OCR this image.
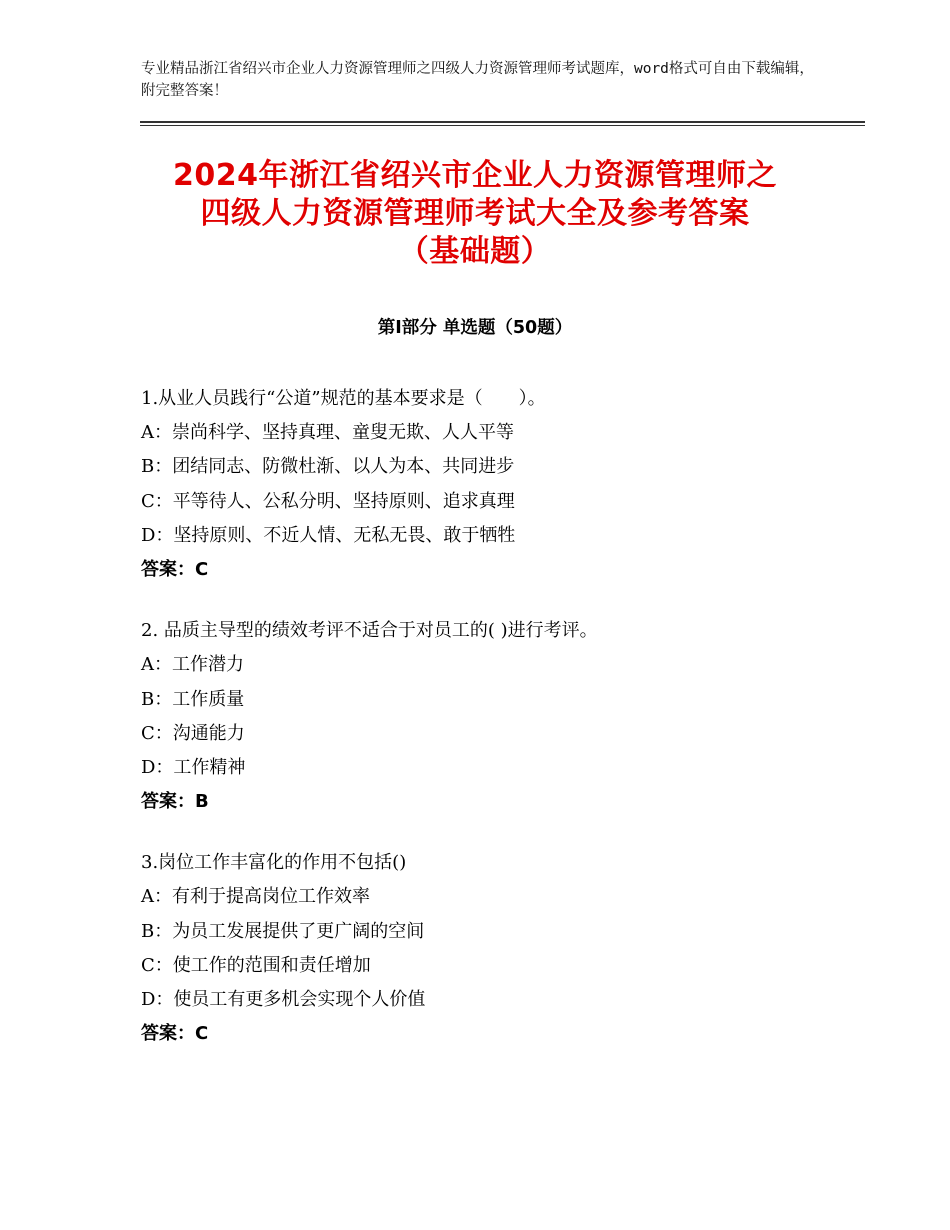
专业精品浙江省绍兴市企业人力资源管理师之四级人力资源管理师考试题库，word格式可自由下载编辑，附完整答案！
2024年浙江省绍兴市企业人力资源管理师之
四级人力资源管理师考试大全及参考答案
（基础题）
第Ⅰ部分 单选题（50题）
1.从业人员践行“公道”规范的基本要求是（　　）。
A：崇尚科学、坚持真理、童叟无欺、人人平等
B：团结同志、防微杜渐、以人为本、共同进步
C：平等待人、公私分明、坚持原则、追求真理
D：坚持原则、不近人情、无私无畏、敢于牺牲
答案：C
2. 品质主导型的绩效考评不适合于对员工的( )进行考评。
A：工作潜力
B：工作质量
C：沟通能力
D：工作精神
答案：B
3.岗位工作丰富化的作用不包括()
A：有利于提高岗位工作效率
B：为员工发展提供了更广阔的空间
C：使工作的范围和责任增加
D：使员工有更多机会实现个人价值
答案：C
